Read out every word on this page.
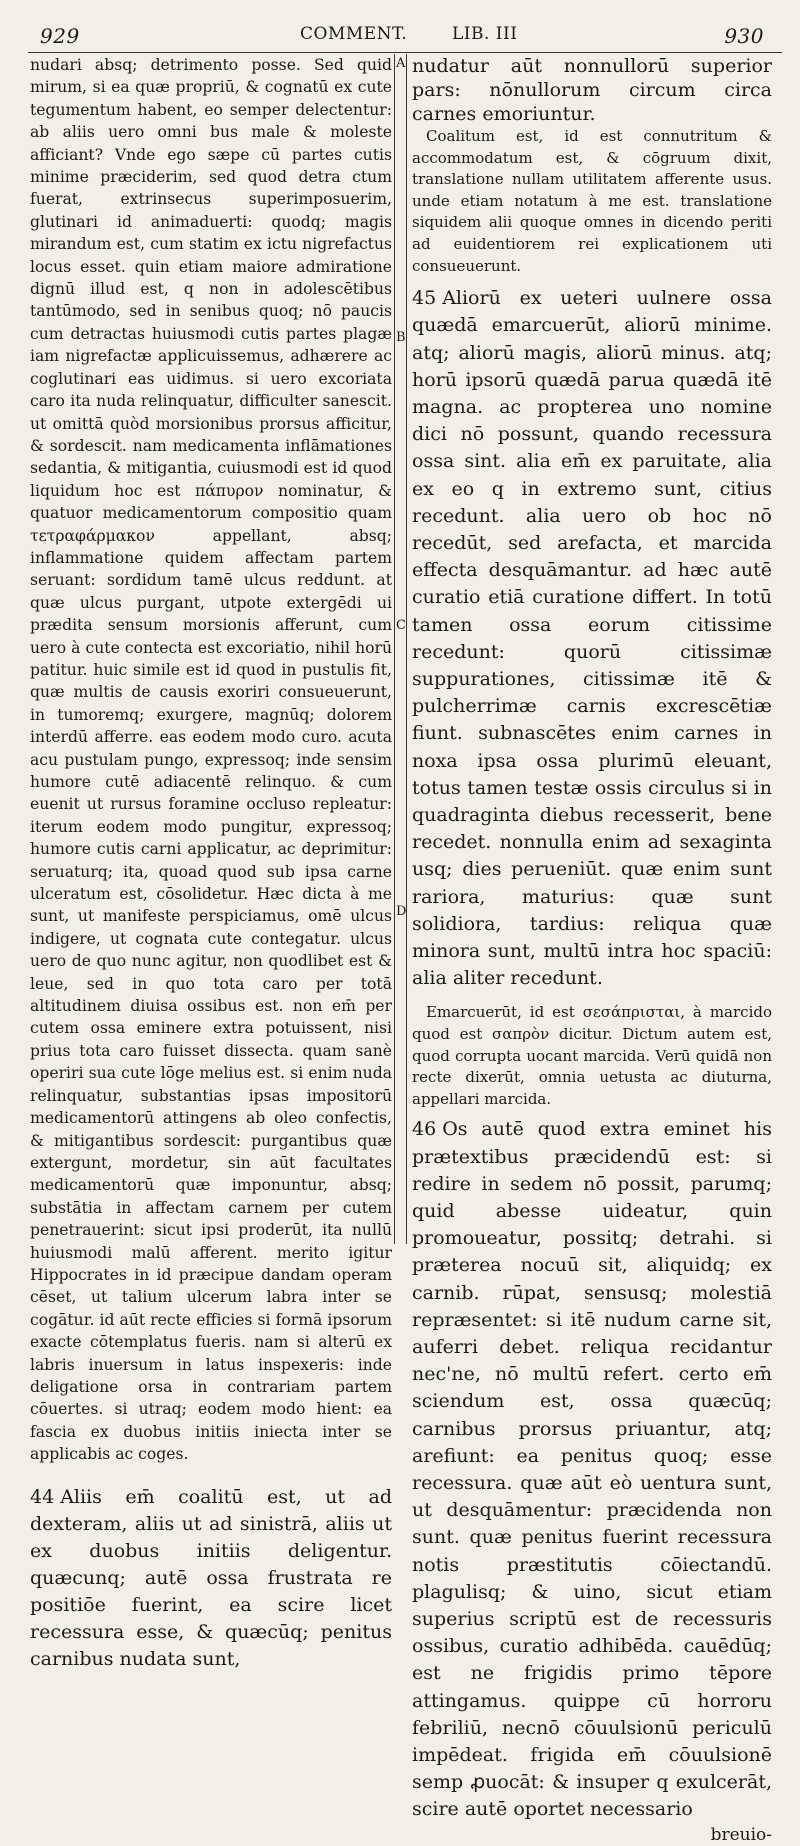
929	COMMENT.	LIB. III	930
A
B
C
D

nudari absq; detrimento posse. Sed quid mirum, si ea quæ propriū, & cognatū ex cute tegumentum habent, eo semper delectentur: ab aliis uero omni bus male & moleste afficiant? Vnde ego sæpe cū partes cutis minime præciderim, sed quod detra ctum fuerat, extrinsecus superimposuerim, glutinari id animaduerti: quodq; magis mirandum est, cum statim ex ictu nigrefactus locus esset. quin etiam maiore admiratione dignū illud est, q non in adolescētibus tantūmodo, sed in senibus quoq; nō paucis cum detractas huiusmodi cutis partes plagæ iam nigrefactæ applicuissemus, adhærere ac coglutinari eas uidimus. si uero excoriata caro ita nuda relinquatur, difficulter sanescit. ut omittā quòd morsionibus prorsus afficitur, & sordescit. nam medicamenta inflāmationes sedantia, & mitigantia, cuiusmodi est id quod liquidum hoc est πάπυρον nominatur, & quatuor medicamentorum compositio quam τετραφάρμακον appellant, absq; inflammatione quidem affectam partem seruant: sordidum tamē ulcus reddunt. at quæ ulcus purgant, utpote extergēdi ui prædita sensum morsionis afferunt, cum uero à cute contecta est excoriatio, nihil horū patitur. huic simile est id quod in pustulis fit, quæ multis de causis exoriri consueuerunt, in tumoremq; exurgere, magnūq; dolorem interdū afferre. eas eodem modo curo. acuta acu pustulam pungo, expressoq; inde sensim humore cutē adiacentē relinquo. & cum euenit ut rursus foramine occluso repleatur: iterum eodem modo pungitur, expressoq; humore cutis carni applicatur, ac deprimitur: seruaturq; ita, quoad quod sub ipsa carne ulceratum est, cōsolidetur. Hæc dicta à me sunt, ut manifeste perspiciamus, omē ulcus indigere, ut cognata cute contegatur. ulcus uero de quo nunc agitur, non quodlibet est & leue, sed in quo tota caro per totā altitudinem diuisa ossibus est. non em̄ per cutem ossa eminere extra potuissent, nisi prius tota caro fuisset dissecta. quam sanè operiri sua cute lōge melius est. si enim nuda relinquatur, substantias ipsas impositorū medicamentorū attingens ab oleo confectis, & mitigantibus sordescit: purgantibus quæ extergunt, mordetur, sin aūt facultates medicamentorū quæ imponuntur, absq; substātia in affectam carnem per cutem penetrauerint: sicut ipsi proderūt, ita nullū huiusmodi malū afferent. merito igitur Hippocrates in id præcipue dandam operam cēset, ut talium ulcerum labra inter se cogātur. id aūt recte efficies si formā ipsorum exacte cōtemplatus fueris. nam si alterū ex labris inuersum in latus inspexeris: inde deligatione orsa in contrariam partem cōuertes. si utraq; eodem modo hient: ea fascia ex duobus initiis iniecta inter se applicabis ac coges.

44 Aliis em̄ coalitū est, ut ad dexteram, aliis ut ad sinistrā, aliis ut ex duobus initiis deligentur. quæcunq; autē ossa frustrata re positiōe fuerint, ea scire licet recessura esse, & quæcūq; penitus carnibus nudata sunt,

nudatur aūt nonnullorū superior pars: nōnullorum circum circa carnes emoriuntur.

Coalitum est, id est connutritum & accommodatum est, & cōgruum dixit, translatione nullam utilitatem afferente usus. unde etiam notatum à me est. translatione siquidem alii quoque omnes in dicendo periti ad euidentiorem rei explicationem uti consueuerunt.

45 Aliorū ex ueteri uulnere ossa quædā emarcuerūt, aliorū minime. atq; aliorū magis, aliorū minus. atq; horū ipsorū quædā parua quædā itē magna. ac propterea uno nomine dici nō possunt, quando recessura ossa sint. alia em̄ ex paruitate, alia ex eo q in extremo sunt, citius recedunt. alia uero ob hoc nō recedūt, sed arefacta, et marcida effecta desquāmantur. ad hæc autē curatio etiā curatione differt. In totū tamen ossa eorum citissime recedunt: quorū citissimæ suppurationes, citissimæ itē & pulcherrimæ carnis excrescētiæ fiunt. subnascētes enim carnes in noxa ipsa ossa plurimū eleuant, totus tamen testæ ossis circulus si in quadraginta diebus recesserit, bene recedet. nonnulla enim ad sexaginta usq; dies perueniūt. quæ enim sunt rariora, maturius: quæ sunt solidiora, tardius: reliqua quæ minora sunt, multū intra hoc spaciū: alia aliter recedunt.

Emarcuerūt, id est σεσάπρισται, à marcido quod est σαπρὸν dicitur. Dictum autem est, quod corrupta uocant marcida. Verū quidā non recte dixerūt, omnia uetusta ac diuturna, appellari marcida.

46 Os autē quod extra eminet his prætextibus præcidendū est: si redire in sedem nō possit, parumq; quid abesse uideatur, quin promoueatur, possitq; detrahi. si præterea nocuū sit, aliquidq; ex carnib. rūpat, sensusq; molestiā repræsentet: si itē nudum carne sit, auferri debet. reliqua recidantur nec'ne, nō multū refert. certo em̄ sciendum est, ossa quæcūq; carnibus prorsus priuantur, atq; arefiunt: ea penitus quoq; esse recessura. quæ aūt eò uentura sunt, ut desquāmentur: præcidenda non sunt. quæ penitus fuerint recessura notis præstitutis cōiectandū. plagulisq; & uino, sicut etiam superius scriptū est de recessuris ossibus, curatio adhibēda. cauēdūq; est ne frigidis primo tēpore attingamus. quippe cū horroru febriliū, necnō cōuulsionū periculū impēdeat. frigida em̄ cōuulsionē semp ꝓuocāt: & insuper q exulcerāt, scire autē oportet necessario

breuio-
